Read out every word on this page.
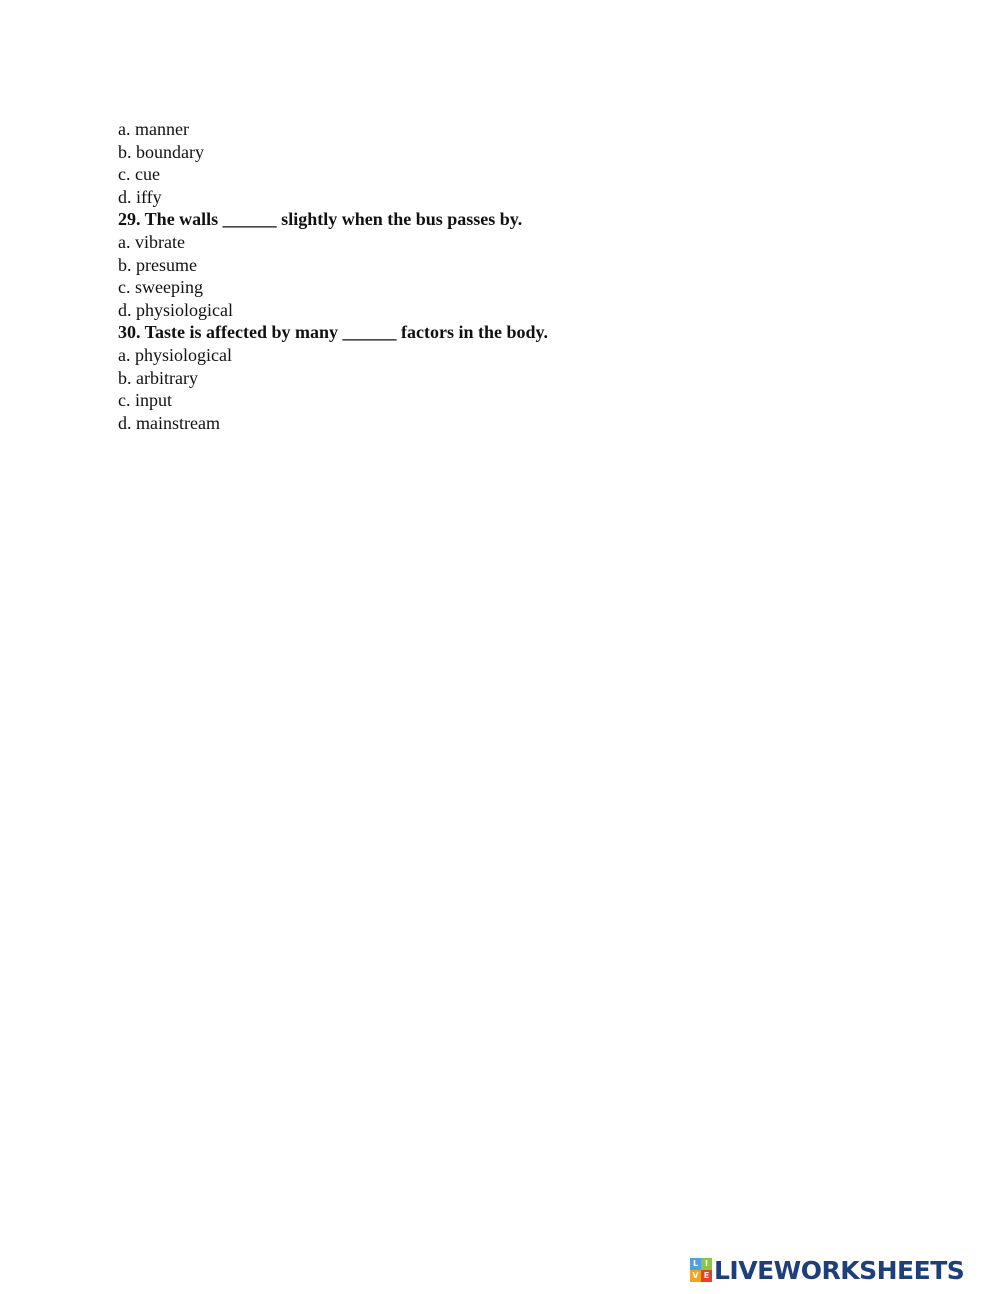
a. manner
b. boundary
c. cue
d. iffy
29. The walls ______ slightly when the bus passes by.
a. vibrate
b. presume
c. sweeping
d. physiological
30. Taste is affected by many ______ factors in the body.
a. physiological
b. arbitrary
c. input
d. mainstream
L I
V E LIVEWORKSHEETS
